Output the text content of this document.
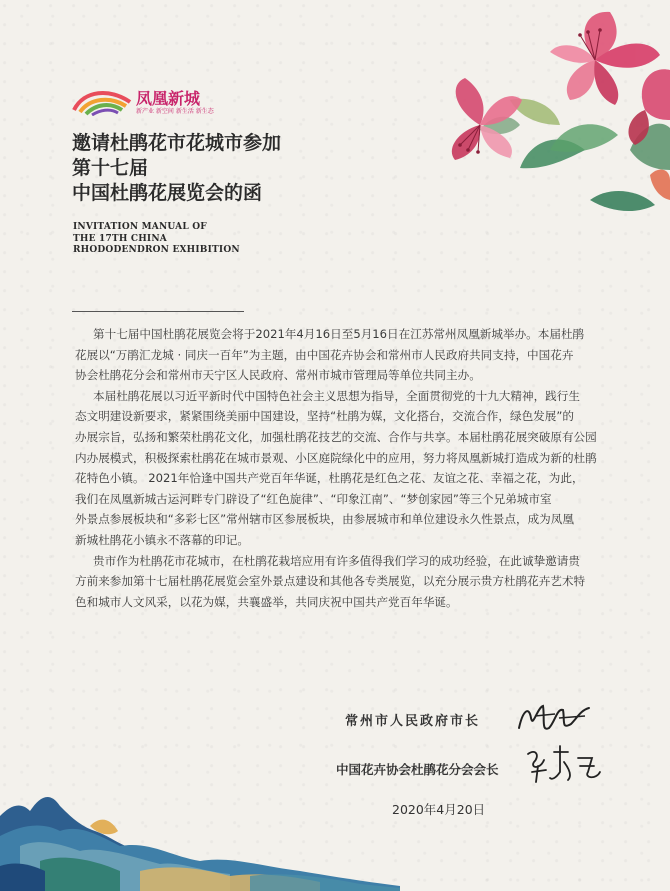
凤凰新城
新产业 新空间 新生活 新生态
邀请杜鹃花市花城市参加
第十七届
中国杜鹃花展览会的函
INVITATION MANUAL OF
THE 17TH CHINA
RHODODENDRON EXHIBITION
第十七届中国杜鹃花展览会将于2021年4月16日至5月16日在江苏常州凤凰新城举办。本届杜鹃
花展以“万鹃汇龙城 · 同庆一百年”为主题，由中国花卉协会和常州市人民政府共同支持，中国花卉
协会杜鹃花分会和常州市天宁区人民政府、常州市城市管理局等单位共同主办。
本届杜鹃花展以习近平新时代中国特色社会主义思想为指导，全面贯彻党的十九大精神，践行生
态文明建设新要求，紧紧围绕美丽中国建设，坚持“杜鹃为媒，文化搭台，交流合作，绿色发展”的
办展宗旨，弘扬和繁荣杜鹃花文化，加强杜鹃花技艺的交流、合作与共享。本届杜鹃花展突破原有公园
内办展模式，积极探索杜鹃花在城市景观、小区庭院绿化中的应用，努力将凤凰新城打造成为新的杜鹃
花特色小镇。 2021年恰逢中国共产党百年华诞，杜鹃花是红色之花、友谊之花、幸福之花，为此，
我们在凤凰新城古运河畔专门辟设了“红色旋律”、“印象江南”、“梦创家园”等三个兄弟城市室
外景点参展板块和“多彩七区”常州辖市区参展板块，由参展城市和单位建设永久性景点，成为凤凰
新城杜鹃花小镇永不落幕的印记。
贵市作为杜鹃花市花城市，在杜鹃花栽培应用有许多值得我们学习的成功经验，在此诚挚邀请贵
方前来参加第十七届杜鹃花展览会室外景点建设和其他各专类展览，以充分展示贵方杜鹃花卉艺术特
色和城市人文风采，以花为媒，共襄盛举，共同庆祝中国共产党百年华诞。
常州市人民政府市长
中国花卉协会杜鹃花分会会长
2020年4月20日
